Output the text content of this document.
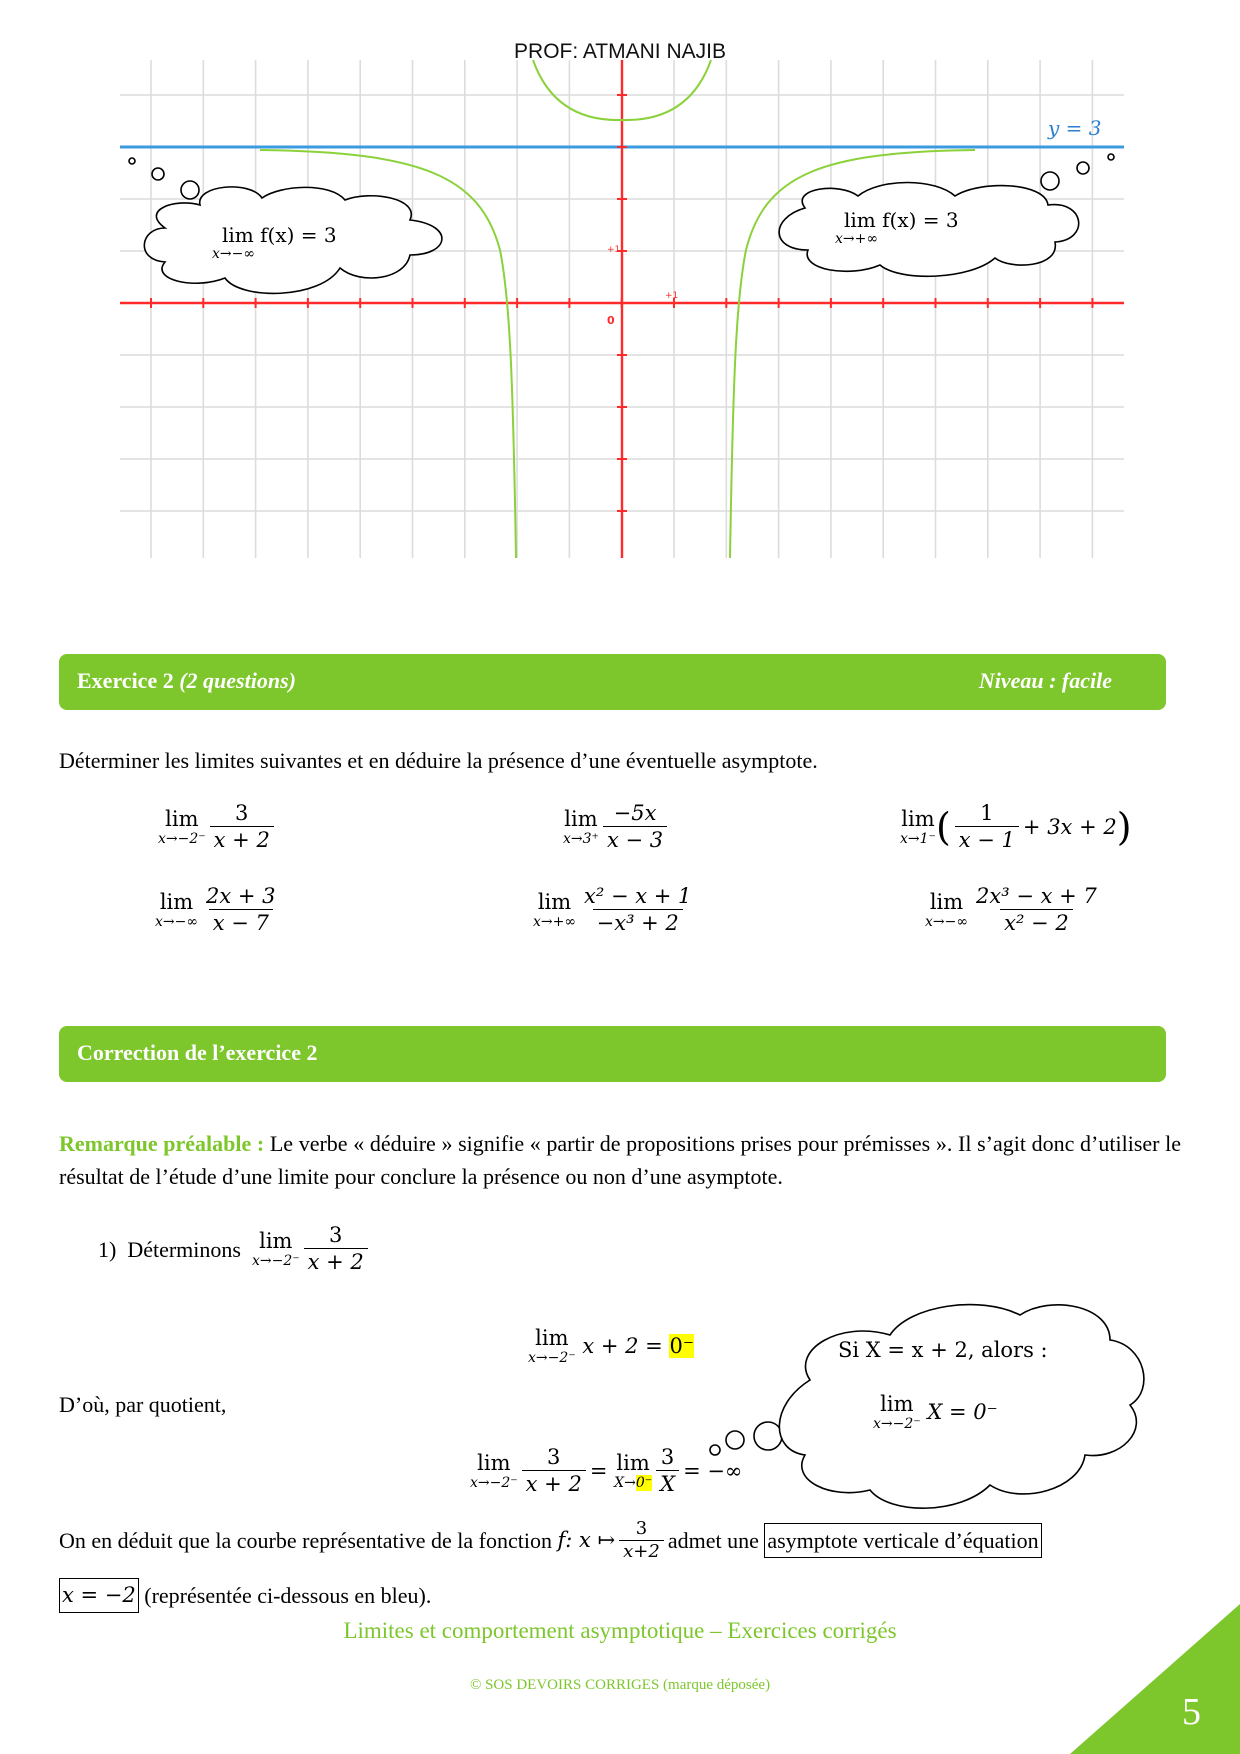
PROF: ATMANI NAJIB
+1
+1
0
y = 3
lim f(x) = 3
x→−∞
lim f(x) = 3
x→+∞
Exercice 2 (2 questions)	Niveau : facile
Déterminer les limites suivantes et en déduire la présence d’une éventuelle asymptote.
lim
$x\to-2^- \frac{3}{x + 2}$	lim
$x\to 3^+ \frac{-5x}{x - 3}$	lim
x→1⁻ ( $\frac{1}{x - 1} + 3x + 2$ )
lim
$x\to-\infty \frac{2x + 3}{x - 7}$	lim
$x\to+\infty \frac{\text{x² − x + 1}}{\text{−x³ + 2}}$	lim
$x\to-\infty \frac{\text{2x³ − x + 7}}{\text{x² − 2}}$
Correction de l’exercice 2
Remarque préalable : Le verbe « déduire » signifie « partir de propositions prises pour prémisses ». Il s’agit donc d’utiliser le résultat de l’étude d’une limite pour conclure la présence ou non d’une asymptote.
1)
Déterminons
lim
$x\to-2^- \frac{3}{x + 2}$
lim
x→−2⁻
x + 2 =
0⁻	Si X = x + 2, alors :
lim
x→−2⁻
X = 0⁻
D’où, par quotient,
lim
$x\to-2^- \frac{3}{x + 2}$ =
lim
$X\to 0^- \frac{3}{X}$ = −∞
On en déduit que la courbe représentative de la fonction
f: x ↦ $\frac{3}{x+2}$ admet une
asymptote verticale d’équation
x = −2
(représentée ci-dessous en bleu).
Limites et comportement asymptotique – Exercices corrigés
© SOS DEVOIRS CORRIGES (marque déposée)
5
